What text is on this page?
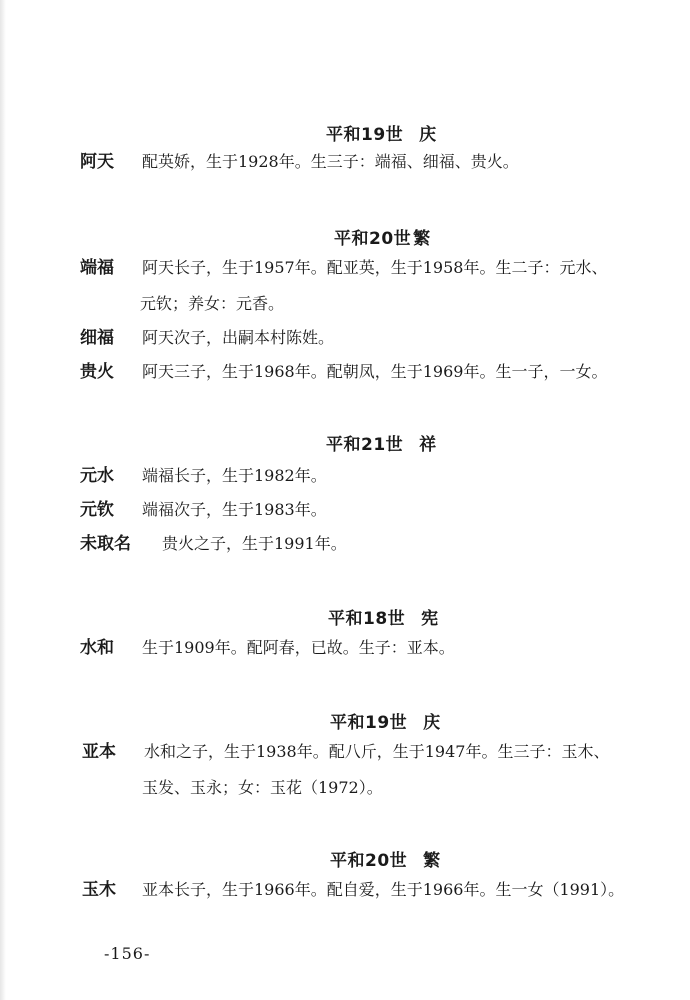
平和19世 庆
阿天	配英娇，生于1928年。生三子：端福、细福、贵火。
平和20世 繁
端福	阿天长子，生于1957年。配亚英，生于1958年。生二子：元水、
元钦；养女：元香。
细福	阿天次子，出嗣本村陈姓。
贵火	阿天三子，生于1968年。配朝凤，生于1969年。生一子，一女。
平和21世 祥
元水	端福长子，生于1982年。
元钦	端福次子，生于1983年。
未取名	贵火之子，生于1991年。
平和18世 宪
水和	生于1909年。配阿春，已故。生子：亚本。
平和19世 庆
亚本	水和之子，生于1938年。配八斤，生于1947年。生三子：玉木、
玉发、玉永；女：玉花（1972）。
平和20世 繁
玉木	亚本长子，生于1966年。配自爱，生于1966年。生一女（1991）。
-156-
